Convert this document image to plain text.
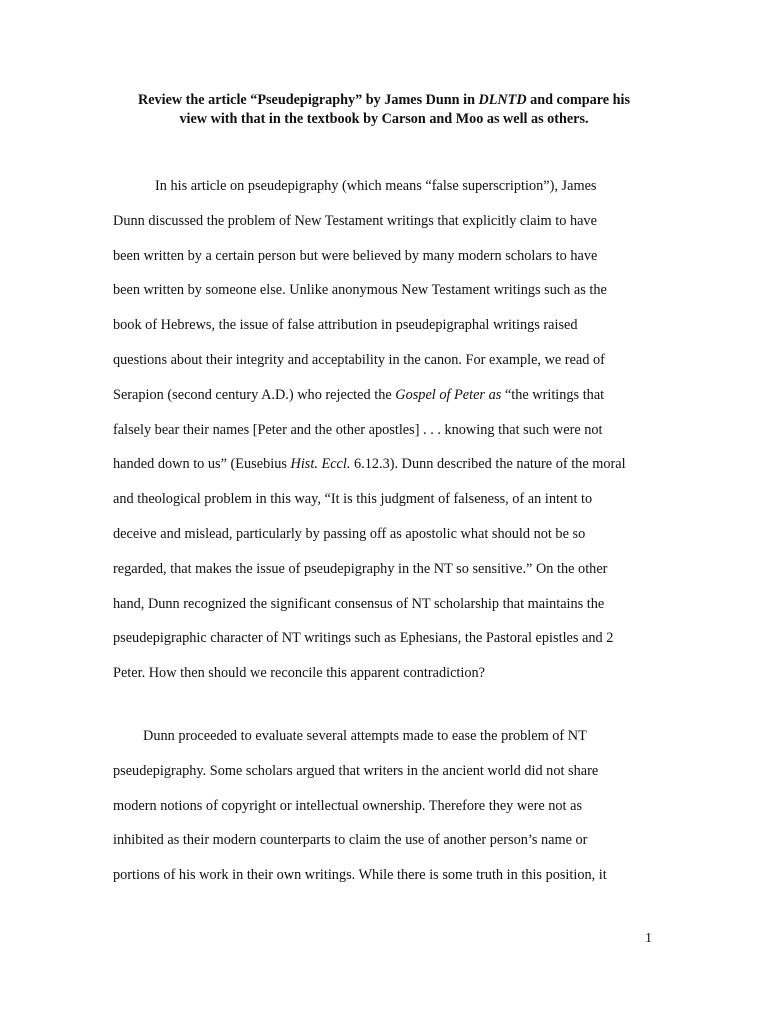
Review the article “Pseudepigraphy” by James Dunn in DLNTD and compare his
view with that in the textbook by Carson and Moo as well as others.

In his article on pseudepigraphy (which means “false superscription”), James
Dunn discussed the problem of New Testament writings that explicitly claim to have
been written by a certain person but were believed by many modern scholars to have
been written by someone else. Unlike anonymous New Testament writings such as the
book of Hebrews, the issue of false attribution in pseudepigraphal writings raised
questions about their integrity and acceptability in the canon. For example, we read of
Serapion (second century A.D.) who rejected the Gospel of Peter as “the writings that
falsely bear their names [Peter and the other apostles] . . . knowing that such were not
handed down to us” (Eusebius Hist. Eccl. 6.12.3). Dunn described the nature of the moral
and theological problem in this way, “It is this judgment of falseness, of an intent to
deceive and mislead, particularly by passing off as apostolic what should not be so
regarded, that makes the issue of pseudepigraphy in the NT so sensitive.” On the other
hand, Dunn recognized the significant consensus of NT scholarship that maintains the
pseudepigraphic character of NT writings such as Ephesians, the Pastoral epistles and 2
Peter. How then should we reconcile this apparent contradiction?

Dunn proceeded to evaluate several attempts made to ease the problem of NT
pseudepigraphy. Some scholars argued that writers in the ancient world did not share
modern notions of copyright or intellectual ownership. Therefore they were not as
inhibited as their modern counterparts to claim the use of another person’s name or
portions of his work in their own writings. While there is some truth in this position, it

1
